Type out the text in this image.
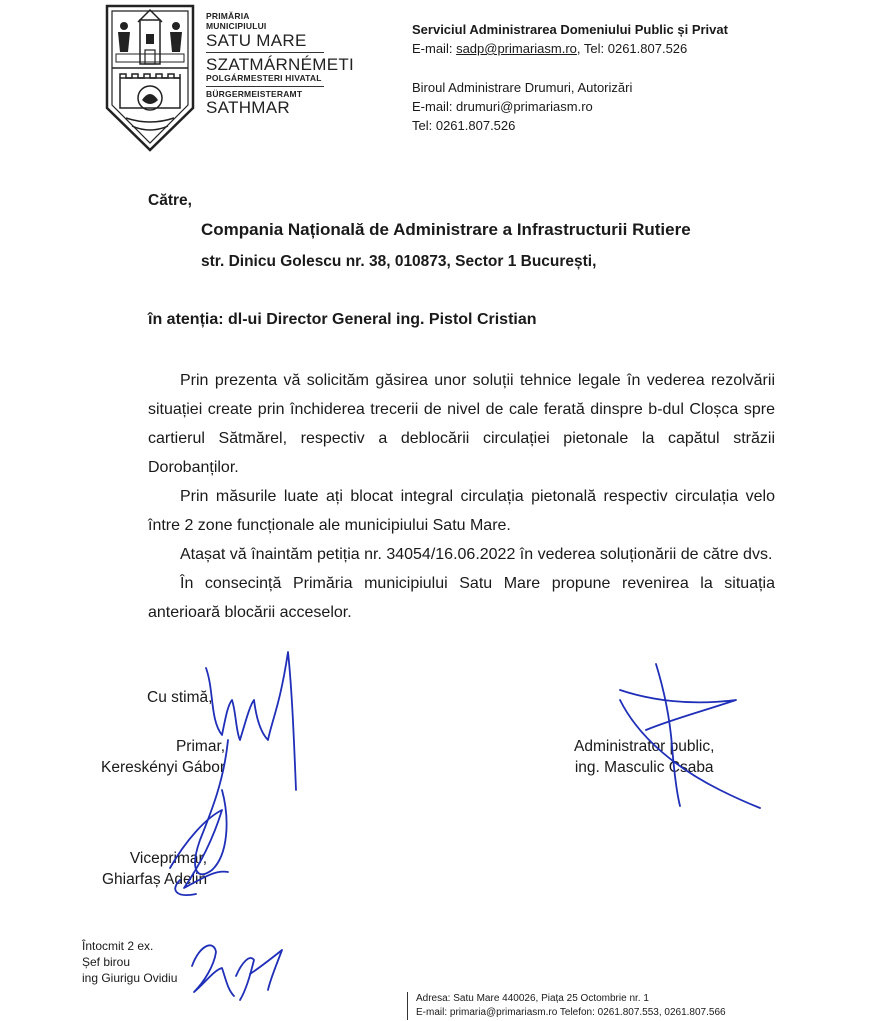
PRIMĂRIA
MUNICIPIULUI
SATU MARE
SZATMÁRNÉMETI
POLGÁRMESTERI HIVATAL
BÜRGERMEISTERAMT
SATHMAR
Serviciul Administrarea Domeniului Public și Privat
E-mail: sadp@primariasm.ro, Tel: 0261.807.526
Biroul Administrare Drumuri, Autorizări
E-mail: drumuri@primariasm.ro
Tel: 0261.807.526
Către,
Compania Națională de Administrare a Infrastructurii Rutiere
str. Dinicu Golescu nr. 38, 010873, Sector 1 București,
în atenția: dl-ui Director General ing. Pistol Cristian

Prin prezenta vă solicităm găsirea unor soluții tehnice legale în vederea rezolvării situației create prin închiderea trecerii de nivel de cale ferată dinspre b-dul Cloșca spre cartierul Sătmărel, respectiv a deblocării circulației pietonale la capătul străzii Dorobanților.

Prin măsurile luate ați blocat integral circulația pietonală respectiv circulația velo între 2 zone funcționale ale municipiului Satu Mare.

Atașat vă înaintăm petiția nr. 34054/16.06.2022 în vederea soluționării de către dvs.

În consecință Primăria municipiului Satu Mare propune revenirea la situația anterioară blocării acceselor.

Cu stimă,
Primar,
Kereskényi Gábor
Administrator public,
ing. Masculic Csaba
Viceprimar,
Ghiarfaș Adelin
Întocmit 2 ex.
Șef birou
ing Giurigu Ovidiu
Adresa: Satu Mare 440026, Piața 25 Octombrie nr. 1
E-mail: primaria@primariasm.ro Telefon: 0261.807.553, 0261.807.566
